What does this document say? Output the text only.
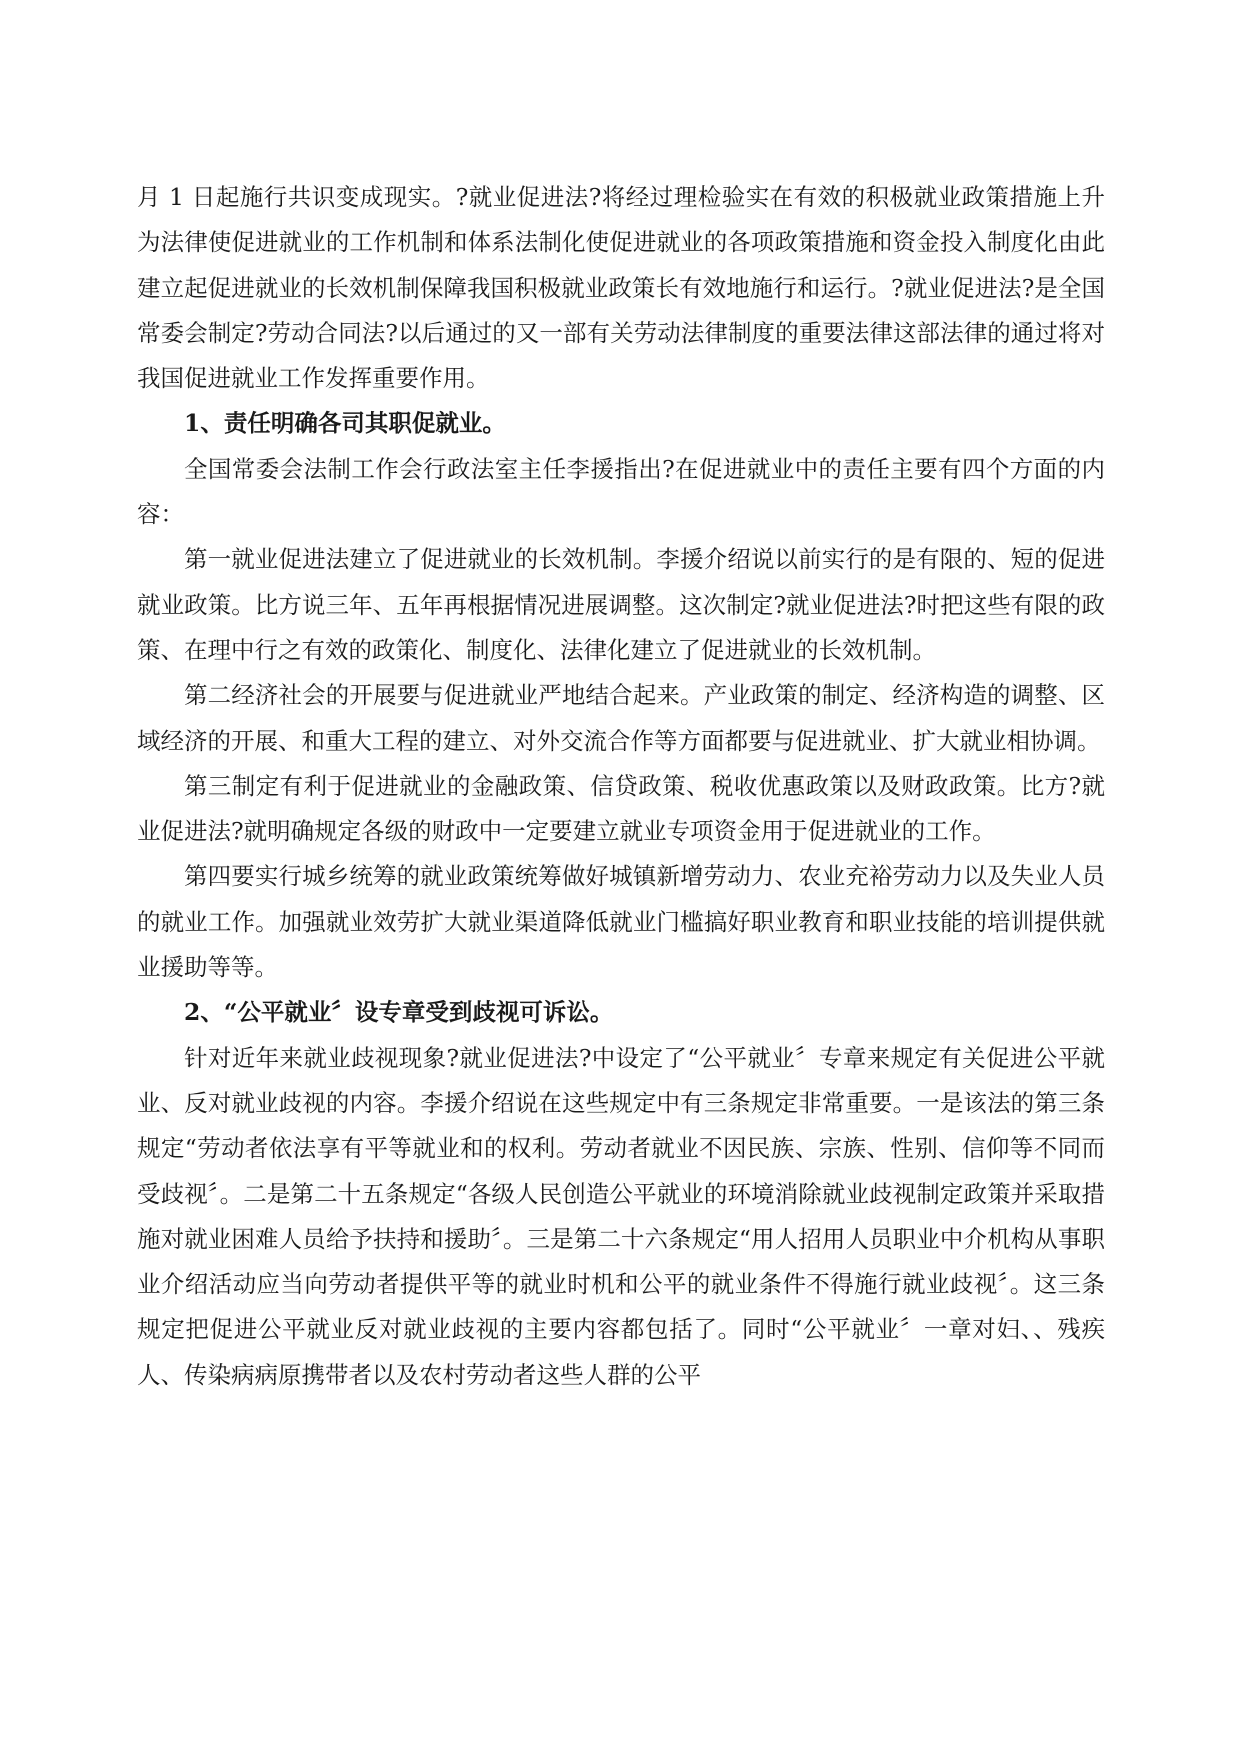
月 1 日起施行共识变成现实。?就业促进法?将经过理检验实在有效的积极就业政策措施上升为法律使促进就业的工作机制和体系法制化使促进就业的各项政策措施和资金投入制度化由此建立起促进就业的长效机制保障我国积极就业政策长有效地施行和运行。?就业促进法?是全国常委会制定?劳动合同法?以后通过的又一部有关劳动法律制度的重要法律这部法律的通过将对我国促进就业工作发挥重要作用。

1、责任明确各司其职促就业。

全国常委会法制工作会行政法室主任李援指出?在促进就业中的责任主要有四个方面的内容：

第一就业促进法建立了促进就业的长效机制。李援介绍说以前实行的是有限的、短的促进就业政策。比方说三年、五年再根据情况进展调整。这次制定?就业促进法?时把这些有限的政策、在理中行之有效的政策化、制度化、法律化建立了促进就业的长效机制。

第二经济社会的开展要与促进就业严地结合起来。产业政策的制定、经济构造的调整、区域经济的开展、和重大工程的建立、对外交流合作等方面都要与促进就业、扩大就业相协调。

第三制定有利于促进就业的金融政策、信贷政策、税收优惠政策以及财政政策。比方?就业促进法?就明确规定各级的财政中一定要建立就业专项资金用于促进就业的工作。

第四要实行城乡统筹的就业政策统筹做好城镇新增劳动力、农业充裕劳动力以及失业人员的就业工作。加强就业效劳扩大就业渠道降低就业门槛搞好职业教育和职业技能的培训提供就业援助等等。

2、“公平就业〞设专章受到歧视可诉讼。

针对近年来就业歧视现象?就业促进法?中设定了“公平就业〞专章来规定有关促进公平就业、反对就业歧视的内容。李援介绍说在这些规定中有三条规定非常重要。一是该法的第三条规定“劳动者依法享有平等就业和的权利。劳动者就业不因民族、宗族、性别、信仰等不同而受歧视〞。二是第二十五条规定“各级人民创造公平就业的环境消除就业歧视制定政策并采取措施对就业困难人员给予扶持和援助〞。三是第二十六条规定“用人招用人员职业中介机构从事职业介绍活动应当向劳动者提供平等的就业时机和公平的就业条件不得施行就业歧视〞。这三条规定把促进公平就业反对就业歧视的主要内容都包括了。同时“公平就业〞一章对妇、、残疾人、传染病病原携带者以及农村劳动者这些人群的公平
